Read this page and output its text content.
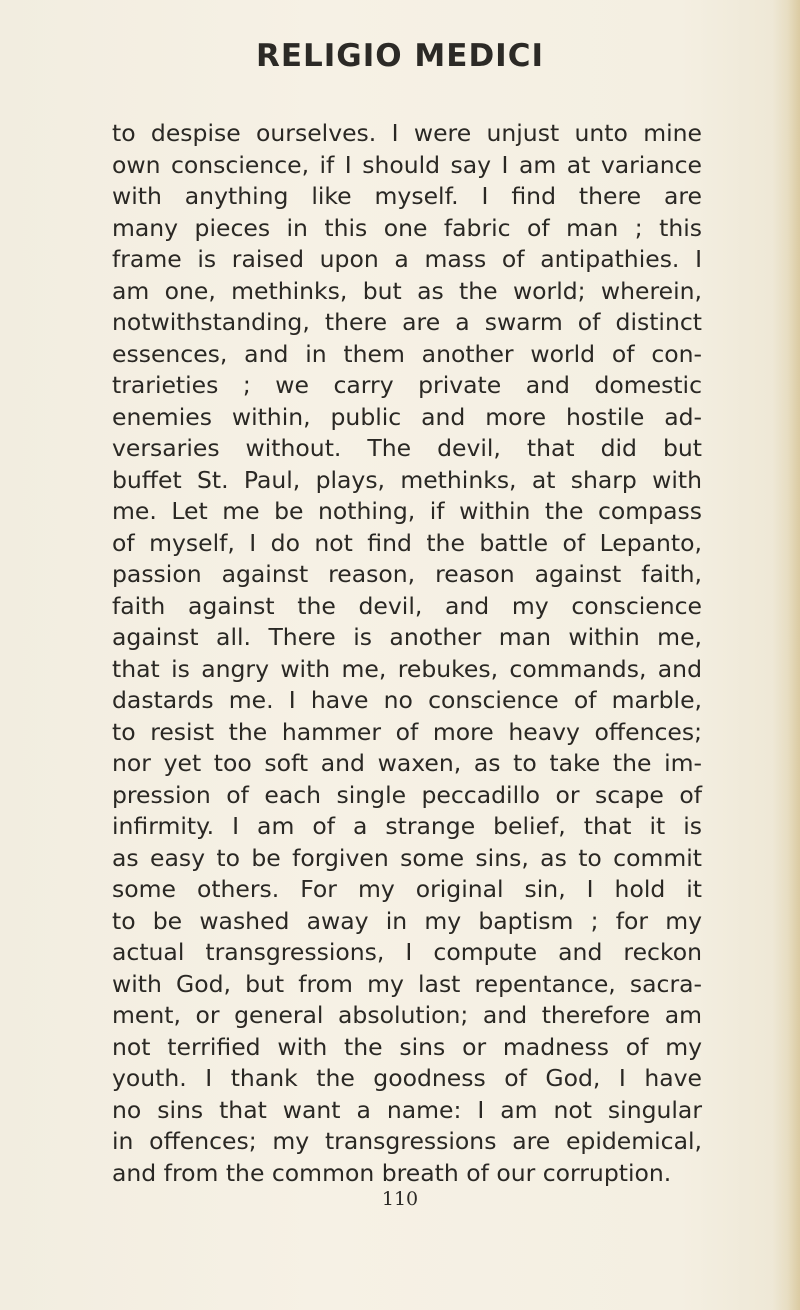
RELIGIO MEDICI
to despise ourselves. I were unjust unto mine
own conscience, if I should say I am at variance
with anything like myself. I find there are
many pieces in this one fabric of man ; this
frame is raised upon a mass of antipathies. I
am one, methinks, but as the world; wherein,
notwithstanding, there are a swarm of distinct
essences, and in them another world of con-
trarieties ; we carry private and domestic
enemies within, public and more hostile ad-
versaries without. The devil, that did but
buffet St. Paul, plays, methinks, at sharp with
me. Let me be nothing, if within the compass
of myself, I do not find the battle of Lepanto,
passion against reason, reason against faith,
faith against the devil, and my conscience
against all. There is another man within me,
that is angry with me, rebukes, commands, and
dastards me. I have no conscience of marble,
to resist the hammer of more heavy offences;
nor yet too soft and waxen, as to take the im-
pression of each single peccadillo or scape of
infirmity. I am of a strange belief, that it is
as easy to be forgiven some sins, as to commit
some others. For my original sin, I hold it
to be washed away in my baptism ; for my
actual transgressions, I compute and reckon
with God, but from my last repentance, sacra-
ment, or general absolution; and therefore am
not terrified with the sins or madness of my
youth. I thank the goodness of God, I have
no sins that want a name: I am not singular
in offences; my transgressions are epidemical,
and from the common breath of our corruption.
110
